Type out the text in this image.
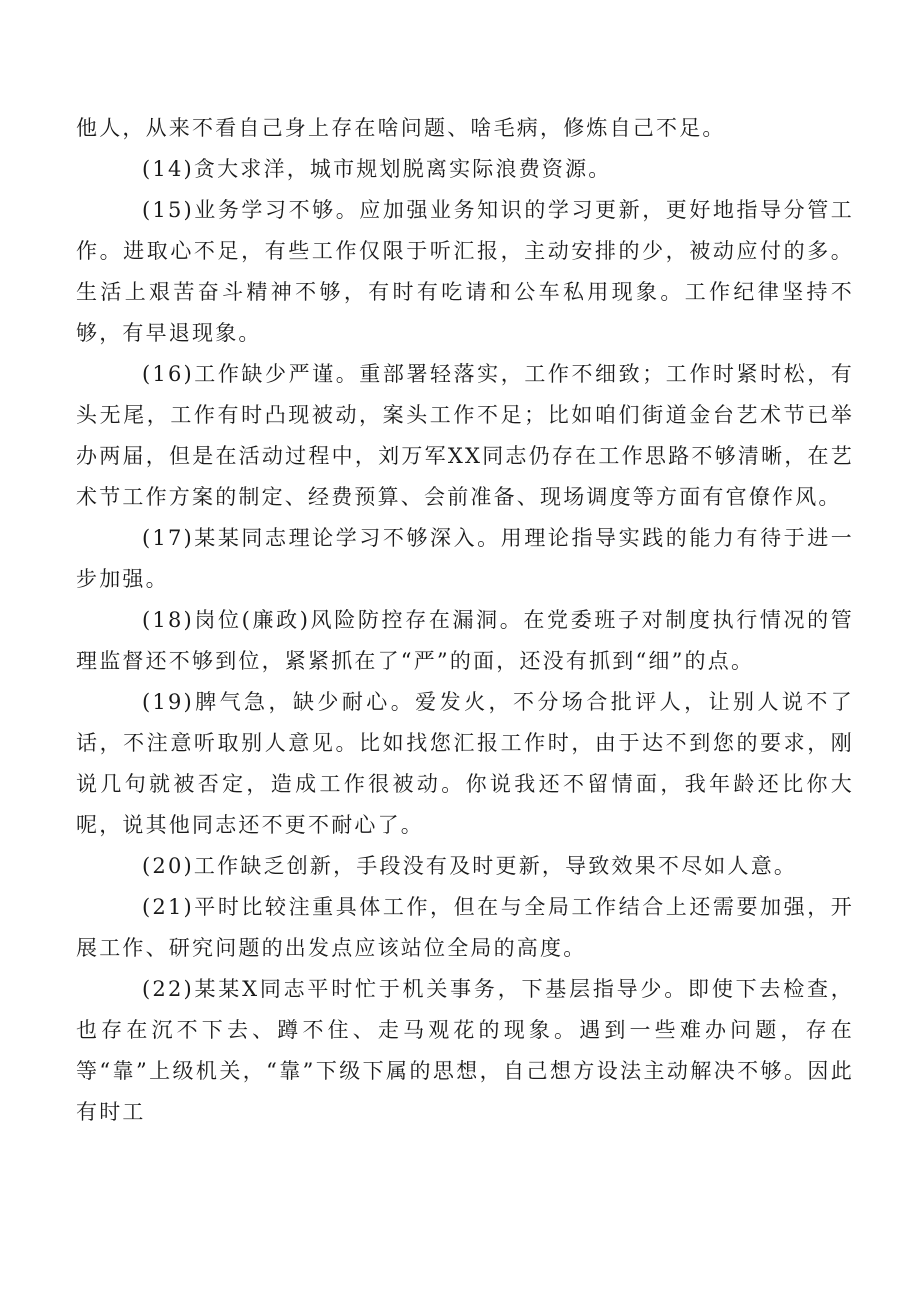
他人，从来不看自己身上存在啥问题、啥毛病，修炼自己不足。

(14)贪大求洋，城市规划脱离实际浪费资源。

(15)业务学习不够。应加强业务知识的学习更新，更好地指导分管工作。进取心不足，有些工作仅限于听汇报，主动安排的少，被动应付的多。生活上艰苦奋斗精神不够，有时有吃请和公车私用现象。工作纪律坚持不够，有早退现象。

(16)工作缺少严谨。重部署轻落实，工作不细致；工作时紧时松，有头无尾，工作有时凸现被动，案头工作不足；比如咱们街道金台艺术节已举办两届，但是在活动过程中，刘万军XX同志仍存在工作思路不够清晰，在艺术节工作方案的制定、经费预算、会前准备、现场调度等方面有官僚作风。

(17)某某同志理论学习不够深入。用理论指导实践的能力有待于进一步加强。

(18)岗位(廉政)风险防控存在漏洞。在党委班子对制度执行情况的管理监督还不够到位，紧紧抓在了“严”的面，还没有抓到“细”的点。

(19)脾气急，缺少耐心。爱发火，不分场合批评人，让别人说不了话，不注意听取别人意见。比如找您汇报工作时，由于达不到您的要求，刚说几句就被否定，造成工作很被动。你说我还不留情面，我年龄还比你大呢，说其他同志还不更不耐心了。

(20)工作缺乏创新，手段没有及时更新，导致效果不尽如人意。

(21)平时比较注重具体工作，但在与全局工作结合上还需要加强，开展工作、研究问题的出发点应该站位全局的高度。

(22)某某X同志平时忙于机关事务，下基层指导少。即使下去检查，也存在沉不下去、蹲不住、走马观花的现象。遇到一些难办问题，存在等“靠”上级机关，“靠”下级下属的思想，自己想方设法主动解决不够。因此有时工
